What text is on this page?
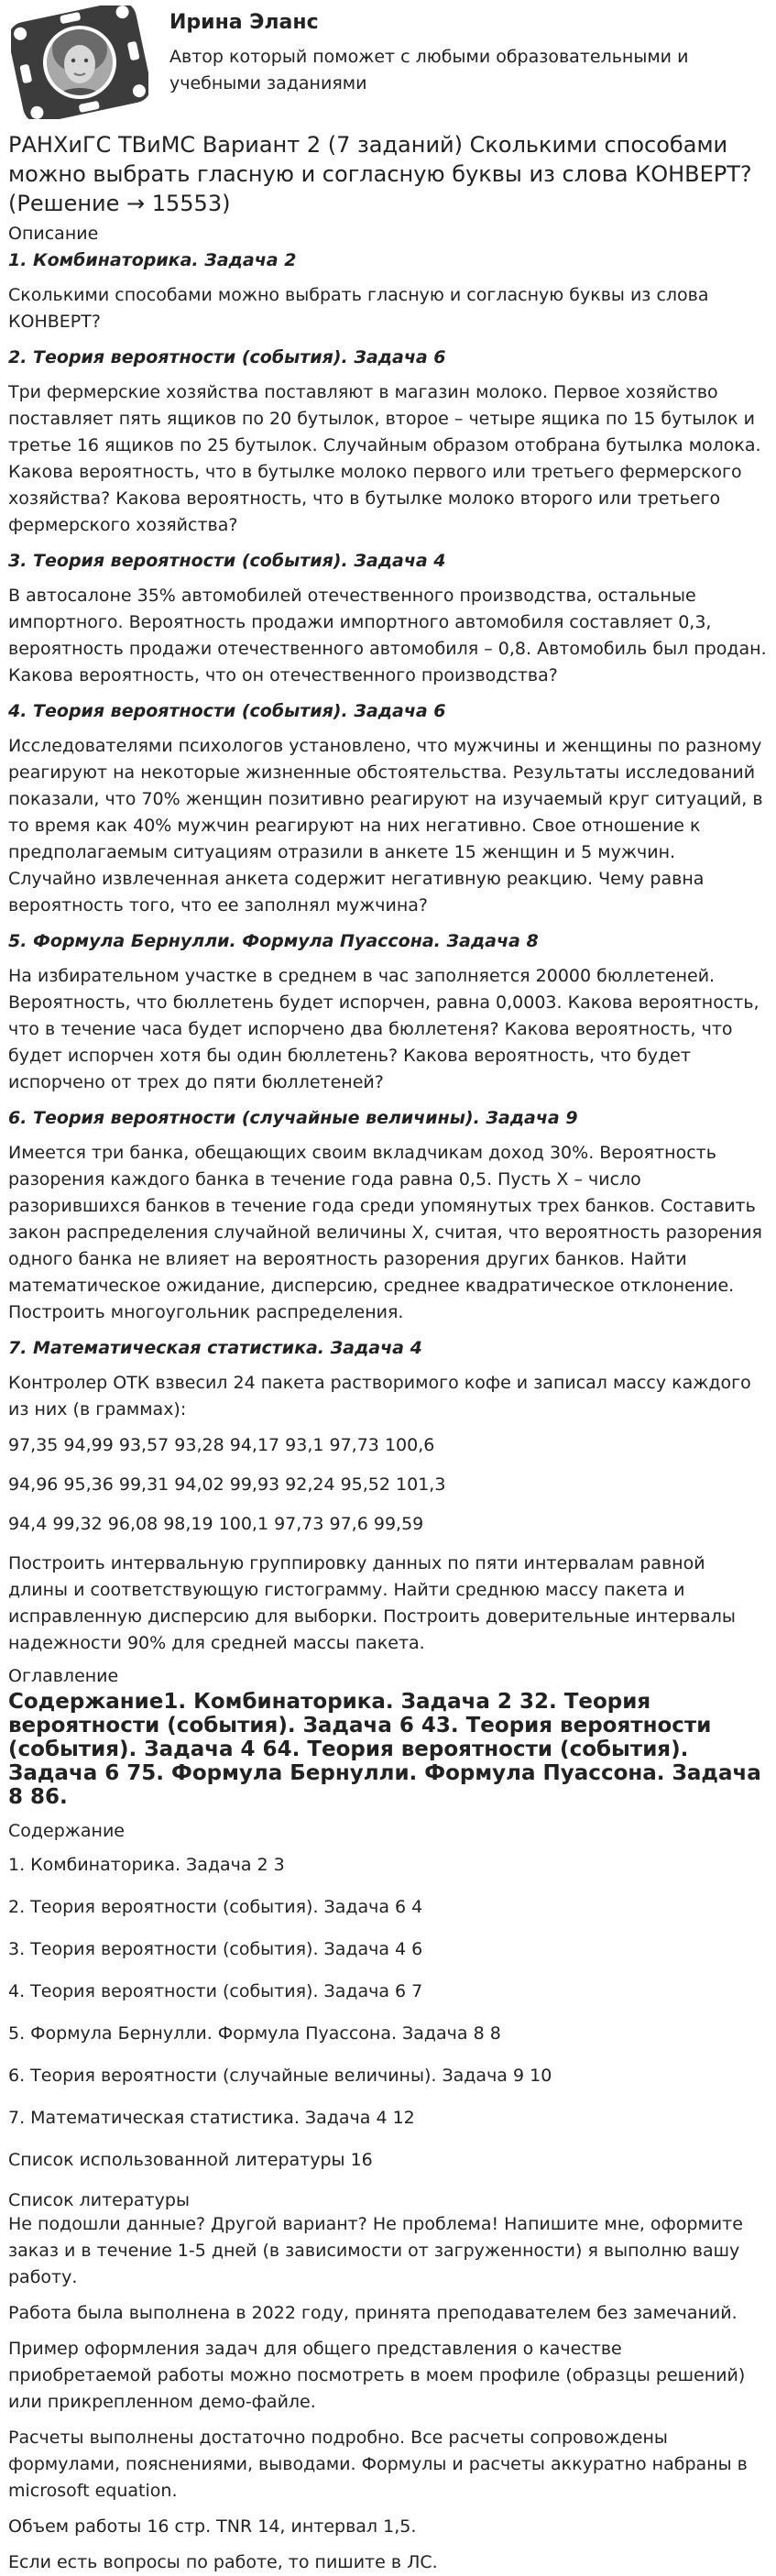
Ирина Эланс
Автор который поможет с любыми образовательными и учебными заданиями
РАНХиГС ТВиМС Вариант 2 (7 заданий) Сколькими способами можно выбрать гласную и согласную буквы из слова КОНВЕРТ? (Решение → 15553)
Описание
1. Комбинаторика. Задача 2

Сколькими способами можно выбрать гласную и согласную буквы из слова КОНВЕРТ?

2. Теория вероятности (события). Задача 6

Три фермерские хозяйства поставляют в магазин молоко. Первое хозяйство поставляет пять ящиков по 20 бутылок, второе – четыре ящика по 15 бутылок и третье 16 ящиков по 25 бутылок. Случайным образом отобрана бутылка молока. Какова вероятность, что в бутылке молоко первого или третьего фермерского хозяйства? Какова вероятность, что в бутылке молоко второго или третьего фермерского хозяйства?

3. Теория вероятности (события). Задача 4

В автосалоне 35% автомобилей отечественного производства, остальные импортного. Вероятность продажи импортного автомобиля составляет 0,3, вероятность продажи отечественного автомобиля – 0,8. Автомобиль был продан. Какова вероятность, что он отечественного производства?

4. Теория вероятности (события). Задача 6

Исследователями психологов установлено, что мужчины и женщины по разному реагируют на некоторые жизненные обстоятельства. Результаты исследований показали, что 70% женщин позитивно реагируют на изучаемый круг ситуаций, в то время как 40% мужчин реагируют на них негативно. Свое отношение к предполагаемым ситуациям отразили в анкете 15 женщин и 5 мужчин. Случайно извлеченная анкета содержит негативную реакцию. Чему равна вероятность того, что ее заполнял мужчина?

5. Формула Бернулли. Формула Пуассона. Задача 8

На избирательном участке в среднем в час заполняется 20000 бюллетеней. Вероятность, что бюллетень будет испорчен, равна 0,0003. Какова вероятность, что в течение часа будет испорчено два бюллетеня? Какова вероятность, что будет испорчен хотя бы один бюллетень? Какова вероятность, что будет испорчено от трех до пяти бюллетеней?

6. Теория вероятности (случайные величины). Задача 9

Имеется три банка, обещающих своим вкладчикам доход 30%. Вероятность разорения каждого банка в течение года равна 0,5. Пусть X – число разорившихся банков в течение года среди упомянутых трех банков. Составить закон распределения случайной величины X, считая, что вероятность разорения одного банка не влияет на вероятность разорения других банков. Найти математическое ожидание, дисперсию, среднее квадратическое отклонение. Построить многоугольник распределения.

7. Математическая статистика. Задача 4

Контролер ОТК взвесил 24 пакета растворимого кофе и записал массу каждого из них (в граммах):

97,35 94,99 93,57 93,28 94,17 93,1 97,73 100,6

94,96 95,36 99,31 94,02 99,93 92,24 95,52 101,3

94,4 99,32 96,08 98,19 100,1 97,73 97,6 99,59

Построить интервальную группировку данных по пяти интервалам равной длины и соответствующую гистограмму. Найти среднюю массу пакета и исправленную дисперсию для выборки. Построить доверительные интервалы надежности 90% для средней массы пакета.

Оглавление
Содержание1. Комбинаторика. Задача 2 32. Теория вероятности (события). Задача 6 43. Теория вероятности (события). Задача 4 64. Теория вероятности (события). Задача 6 75. Формула Бернулли. Формула Пуассона. Задача 8 86.
Содержание
1. Комбинаторика. Задача 2 3
2. Теория вероятности (события). Задача 6 4
3. Теория вероятности (события). Задача 4 6
4. Теория вероятности (события). Задача 6 7
5. Формула Бернулли. Формула Пуассона. Задача 8 8
6. Теория вероятности (случайные величины). Задача 9 10
7. Математическая статистика. Задача 4 12
Список использованной литературы 16
Список литературы

Не подошли данные? Другой вариант? Не проблема! Напишите мне, оформите заказ и в течение 1-5 дней (в зависимости от загруженности) я выполню вашу работу.

Работа была выполнена в 2022 году, принята преподавателем без замечаний.

Пример оформления задач для общего представления о качестве приобретаемой работы можно посмотреть в моем профиле (образцы решений) или прикрепленном демо-файле.

Расчеты выполнены достаточно подробно. Все расчеты сопровождены формулами, пояснениями, выводами. Формулы и расчеты аккуратно набраны в microsoft equation.

Объем работы 16 стр. TNR 14, интервал 1,5.

Если есть вопросы по работе, то пишите в ЛС.
